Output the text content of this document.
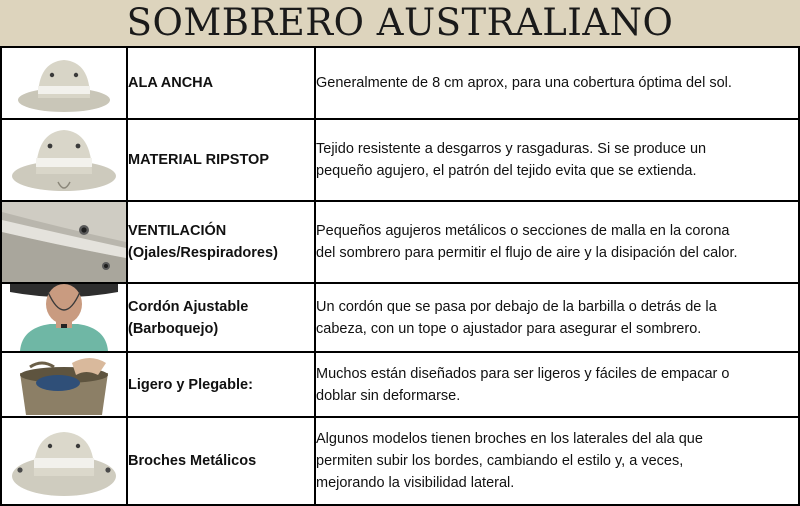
SOMBRERO AUSTRALIANO

ALA ANCHA	Generalmente de 8 cm aprox, para una cobertura óptima del sol.

MATERIAL RIPSTOP	Tejido resistente a desgarros y rasgaduras. Si se produce un
pequeño agujero, el patrón del tejido evita que se extienda.

VENTILACIÓN
(Ojales/Respiradores)	Pequeños agujeros metálicos o secciones de malla en la corona
del sombrero para permitir el flujo de aire y la disipación del calor.

Cordón Ajustable
(Barboquejo)	Un cordón que se pasa por debajo de la barbilla o detrás de la
cabeza, con un tope o ajustador para asegurar el sombrero.

Ligero y Plegable:	Muchos están diseñados para ser ligeros y fáciles de empacar o
doblar sin deformarse.

Broches Metálicos	Algunos modelos tienen broches en los laterales del ala que
permiten subir los bordes, cambiando el estilo y, a veces,
mejorando la visibilidad lateral.
